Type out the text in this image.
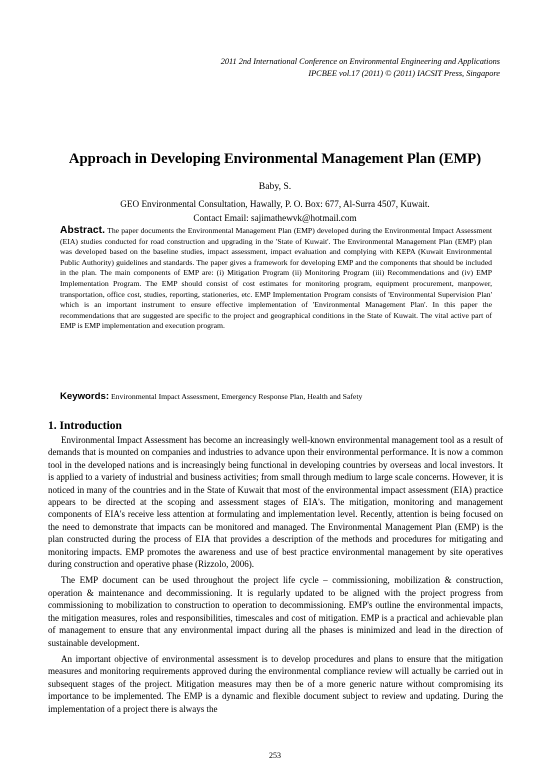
2011 2nd International Conference on Environmental Engineering and Applications
IPCBEE vol.17 (2011) © (2011) IACSIT Press, Singapore
Approach in Developing Environmental Management Plan (EMP)
Baby, S.
GEO Environmental Consultation, Hawally, P. O. Box: 677, Al-Surra 4507, Kuwait.
Contact Email: sajimathewvk@hotmail.com
Abstract. The paper documents the Environmental Management Plan (EMP) developed during the Environmental Impact Assessment (EIA) studies conducted for road construction and upgrading in the 'State of Kuwait'. The Environmental Management Plan (EMP) plan was developed based on the baseline studies, impact assessment, impact evaluation and complying with KEPA (Kuwait Environmental Public Authority) guidelines and standards. The paper gives a framework for developing EMP and the components that should be included in the plan. The main components of EMP are: (i) Mitigation Program (ii) Monitoring Program (iii) Recommendations and (iv) EMP Implementation Program. The EMP should consist of cost estimates for monitoring program, equipment procurement, manpower, transportation, office cost, studies, reporting, stationeries, etc. EMP Implementation Program consists of 'Environmental Supervision Plan' which is an important instrument to ensure effective implementation of 'Environmental Management Plan'. In this paper the recommendations that are suggested are specific to the project and geographical conditions in the State of Kuwait. The vital active part of EMP is EMP implementation and execution program.
Keywords: Environmental Impact Assessment, Emergency Response Plan, Health and Safety
1. Introduction

Environmental Impact Assessment has become an increasingly well-known environmental management tool as a result of demands that is mounted on companies and industries to advance upon their environmental performance. It is now a common tool in the developed nations and is increasingly being functional in developing countries by overseas and local investors. It is applied to a variety of industrial and business activities; from small through medium to large scale concerns. However, it is noticed in many of the countries and in the State of Kuwait that most of the environmental impact assessment (EIA) practice appears to be directed at the scoping and assessment stages of EIA's. The mitigation, monitoring and management components of EIA's receive less attention at formulating and implementation level. Recently, attention is being focused on the need to demonstrate that impacts can be monitored and managed. The Environmental Management Plan (EMP) is the plan constructed during the process of EIA that provides a description of the methods and procedures for mitigating and monitoring impacts. EMP promotes the awareness and use of best practice environmental management by site operatives during construction and operative phase (Rizzolo, 2006).

The EMP document can be used throughout the project life cycle – commissioning, mobilization & construction, operation & maintenance and decommissioning. It is regularly updated to be aligned with the project progress from commissioning to mobilization to construction to operation to decommissioning. EMP's outline the environmental impacts, the mitigation measures, roles and responsibilities, timescales and cost of mitigation. EMP is a practical and achievable plan of management to ensure that any environmental impact during all the phases is minimized and lead in the direction of sustainable development.

An important objective of environmental assessment is to develop procedures and plans to ensure that the mitigation measures and monitoring requirements approved during the environmental compliance review will actually be carried out in subsequent stages of the project. Mitigation measures may then be of a more generic nature without compromising its importance to be implemented. The EMP is a dynamic and flexible document subject to review and updating. During the implementation of a project there is always the

253
